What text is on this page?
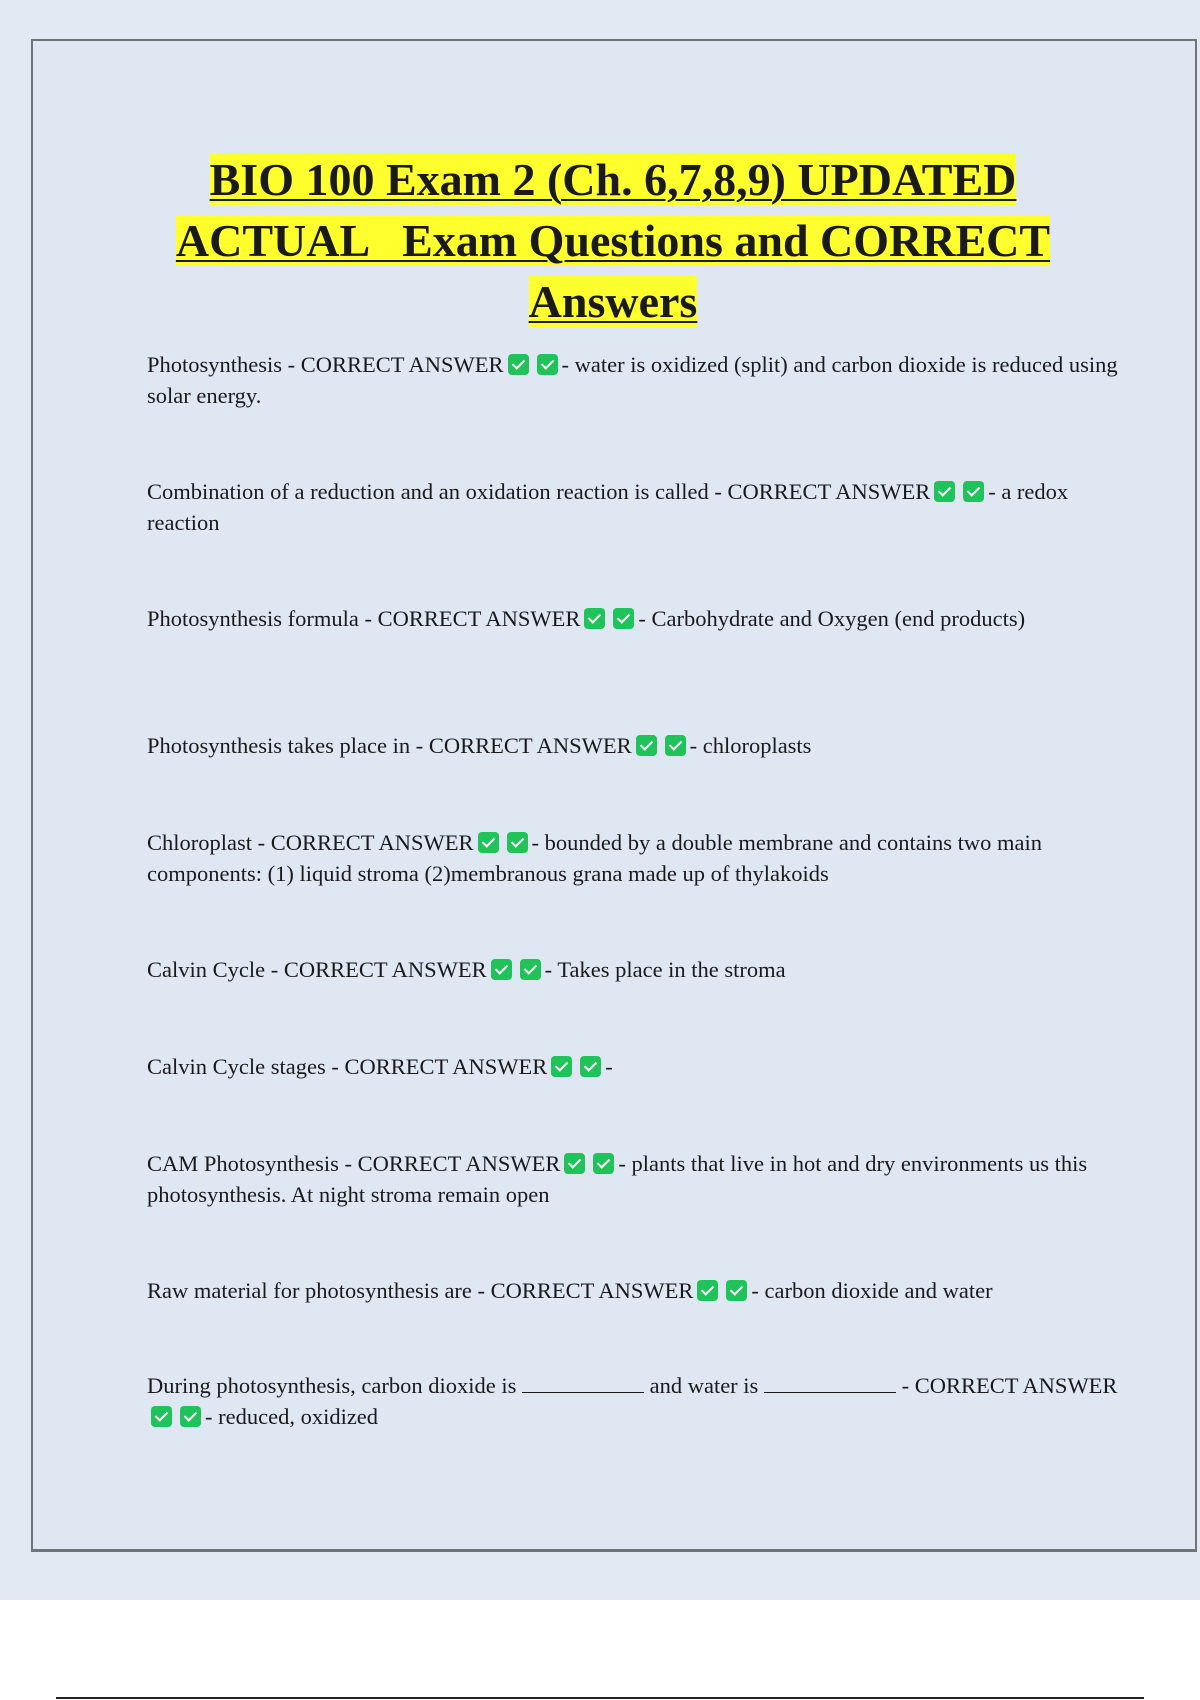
BIO 100 Exam 2 (Ch. 6,7,8,9) UPDATED
ACTUAL   Exam Questions and CORRECT
Answers

Photosynthesis - CORRECT ANSWER	- water is oxidized (split) and carbon dioxide is reduced using solar energy.

Combination of a reduction and an oxidation reaction is called - CORRECT ANSWER	- a redox reaction

Photosynthesis formula - CORRECT ANSWER	- Carbohydrate and Oxygen (end products)

Photosynthesis takes place in - CORRECT ANSWER	- chloroplasts

Chloroplast - CORRECT ANSWER	- bounded by a double membrane and contains two main components: (1) liquid stroma (2)membranous grana made up of thylakoids

Calvin Cycle - CORRECT ANSWER	- Takes place in the stroma

Calvin Cycle stages - CORRECT ANSWER	-

CAM Photosynthesis - CORRECT ANSWER	- plants that live in hot and dry environments us this photosynthesis. At night stroma remain open

Raw material for photosynthesis are - CORRECT ANSWER	- carbon dioxide and water

During photosynthesis, carbon dioxide is	and water is	- CORRECT ANSWER- reduced, oxidized
